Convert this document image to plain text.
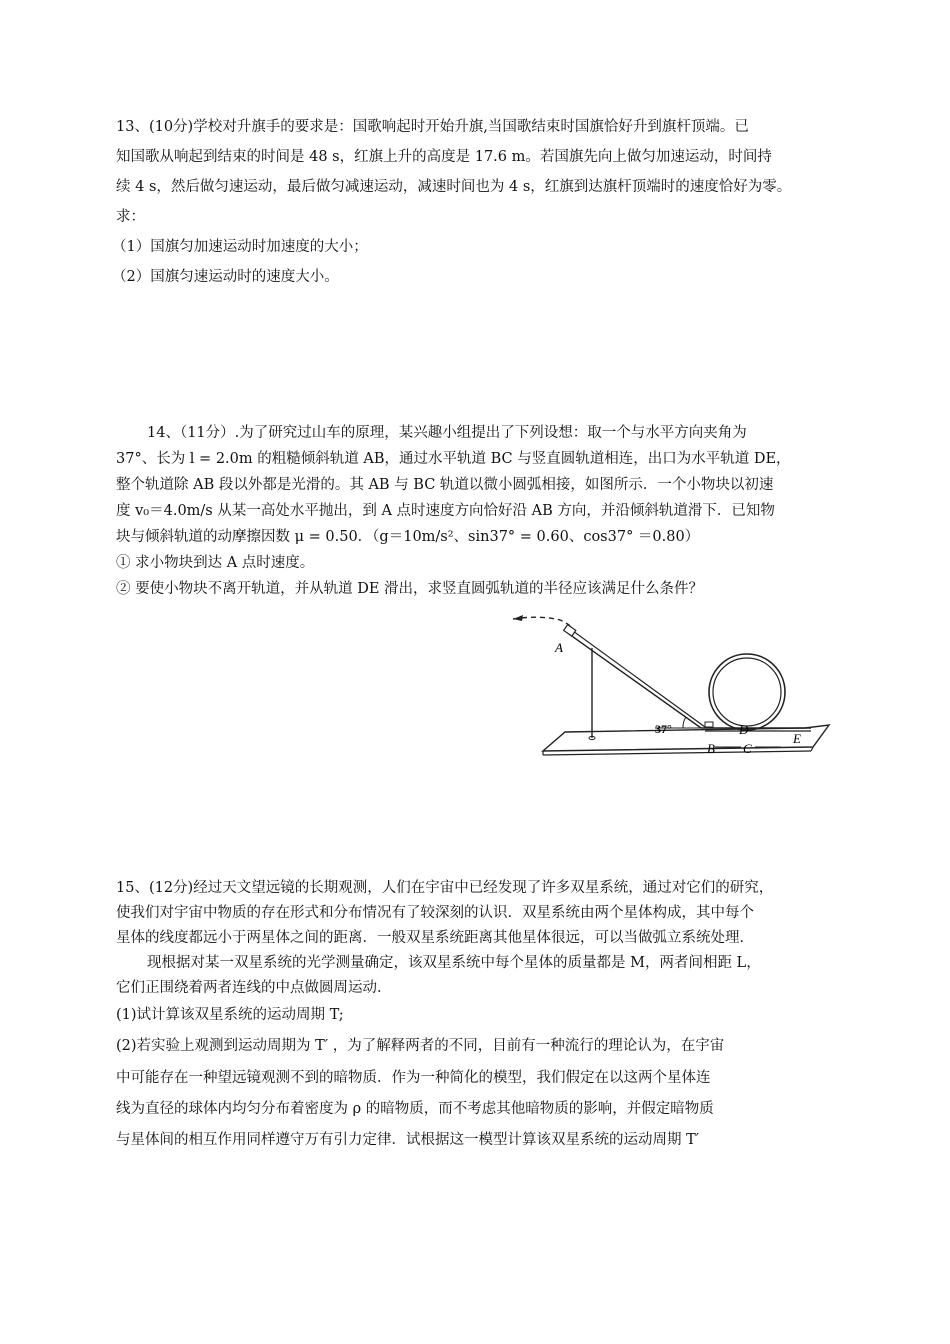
13、(10分)学校对升旗手的要求是：国歌响起时开始升旗,当国歌结束时国旗恰好升到旗杆顶端。已
知国歌从响起到结束的时间是 48 s，红旗上升的高度是 17.6 m。若国旗先向上做匀加速运动，时间持
续 4 s，然后做匀速运动，最后做匀减速运动，减速时间也为 4 s，红旗到达旗杆顶端时的速度恰好为零。
求：
（1）国旗匀加速运动时加速度的大小；
（2）国旗匀速运动时的速度大小。
14、（11分）.为了研究过山车的原理，某兴趣小组提出了下列设想：取一个与水平方向夹角为
37°、长为 l = 2.0m 的粗糙倾斜轨道 AB，通过水平轨道 BC 与竖直圆轨道相连，出口为水平轨道 DE，
整个轨道除 AB 段以外都是光滑的。其 AB 与 BC 轨道以微小圆弧相接，如图所示．一个小物块以初速
度 v₀＝4.0m/s 从某一高处水平抛出，到 A 点时速度方向恰好沿 AB 方向，并沿倾斜轨道滑下．已知物
块与倾斜轨道的动摩擦因数 μ = 0.50．（g＝10m/s²、sin37° = 0.60、cos37° ＝0.80）
① 求小物块到达 A 点时速度。
② 要使小物块不离开轨道，并从轨道 DE 滑出，求竖直圆弧轨道的半径应该满足什么条件？
37°
A
B C
D
E
15、(12分)经过天文望远镜的长期观测，人们在宇宙中已经发现了许多双星系统，通过对它们的研究，
使我们对宇宙中物质的存在形式和分布情况有了较深刻的认识．双星系统由两个星体构成，其中每个
星体的线度都远小于两星体之间的距离．一般双星系统距离其他星体很远，可以当做弧立系统处理．
现根据对某一双星系统的光学测量确定，该双星系统中每个星体的质量都是 M，两者间相距 L，
它们正围绕着两者连线的中点做圆周运动．
(1)试计算该双星系统的运动周期 T;
(2)若实验上观测到运动周期为 T′ ，为了解释两者的不同，目前有一种流行的理论认为，在宇宙
中可能存在一种望远镜观测不到的暗物质．作为一种简化的模型，我们假定在以这两个星体连
线为直径的球体内均匀分布着密度为 ρ 的暗物质，而不考虑其他暗物质的影响，并假定暗物质
与星体间的相互作用同样遵守万有引力定律．试根据这一模型计算该双星系统的运动周期 T′
